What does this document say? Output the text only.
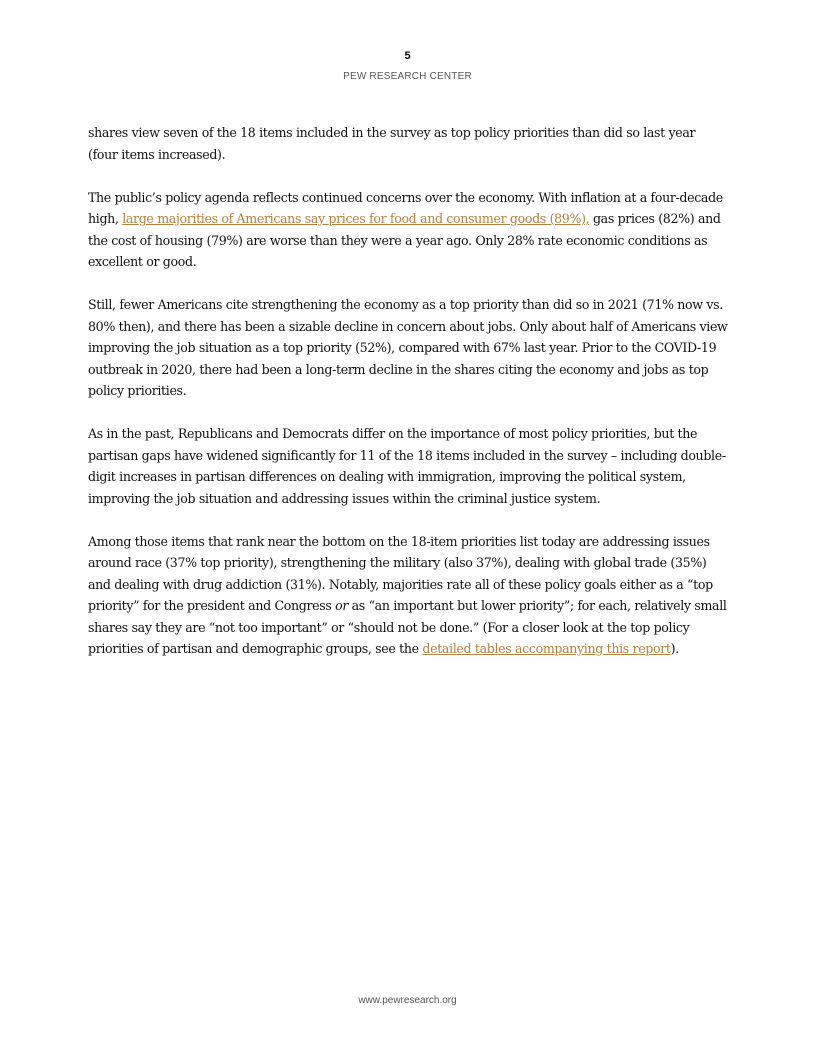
5
PEW RESEARCH CENTER

shares view seven of the 18 items included in the survey as top policy priorities than did so last year (four items increased).

The public’s policy agenda reflects continued concerns over the economy. With inflation at a four-decade high, large majorities of Americans say prices for food and consumer goods (89%), gas prices (82%) and the cost of housing (79%) are worse than they were a year ago. Only 28% rate economic conditions as excellent or good.

Still, fewer Americans cite strengthening the economy as a top priority than did so in 2021 (71% now vs. 80% then), and there has been a sizable decline in concern about jobs. Only about half of Americans view improving the job situation as a top priority (52%), compared with 67% last year. Prior to the COVID-19 outbreak in 2020, there had been a long-term decline in the shares citing the economy and jobs as top policy priorities.

As in the past, Republicans and Democrats differ on the importance of most policy priorities, but the partisan gaps have widened significantly for 11 of the 18 items included in the survey – including double-digit increases in partisan differences on dealing with immigration, improving the political system, improving the job situation and addressing issues within the criminal justice system.

Among those items that rank near the bottom on the 18-item priorities list today are addressing issues around race (37% top priority), strengthening the military (also 37%), dealing with global trade (35%) and dealing with drug addiction (31%). Notably, majorities rate all of these policy goals either as a “top priority” for the president and Congress or as “an important but lower priority”; for each, relatively small shares say they are “not too important” or “should not be done.” (For a closer look at the top policy priorities of partisan and demographic groups, see the detailed tables accompanying this report).

www.pewresearch.org
